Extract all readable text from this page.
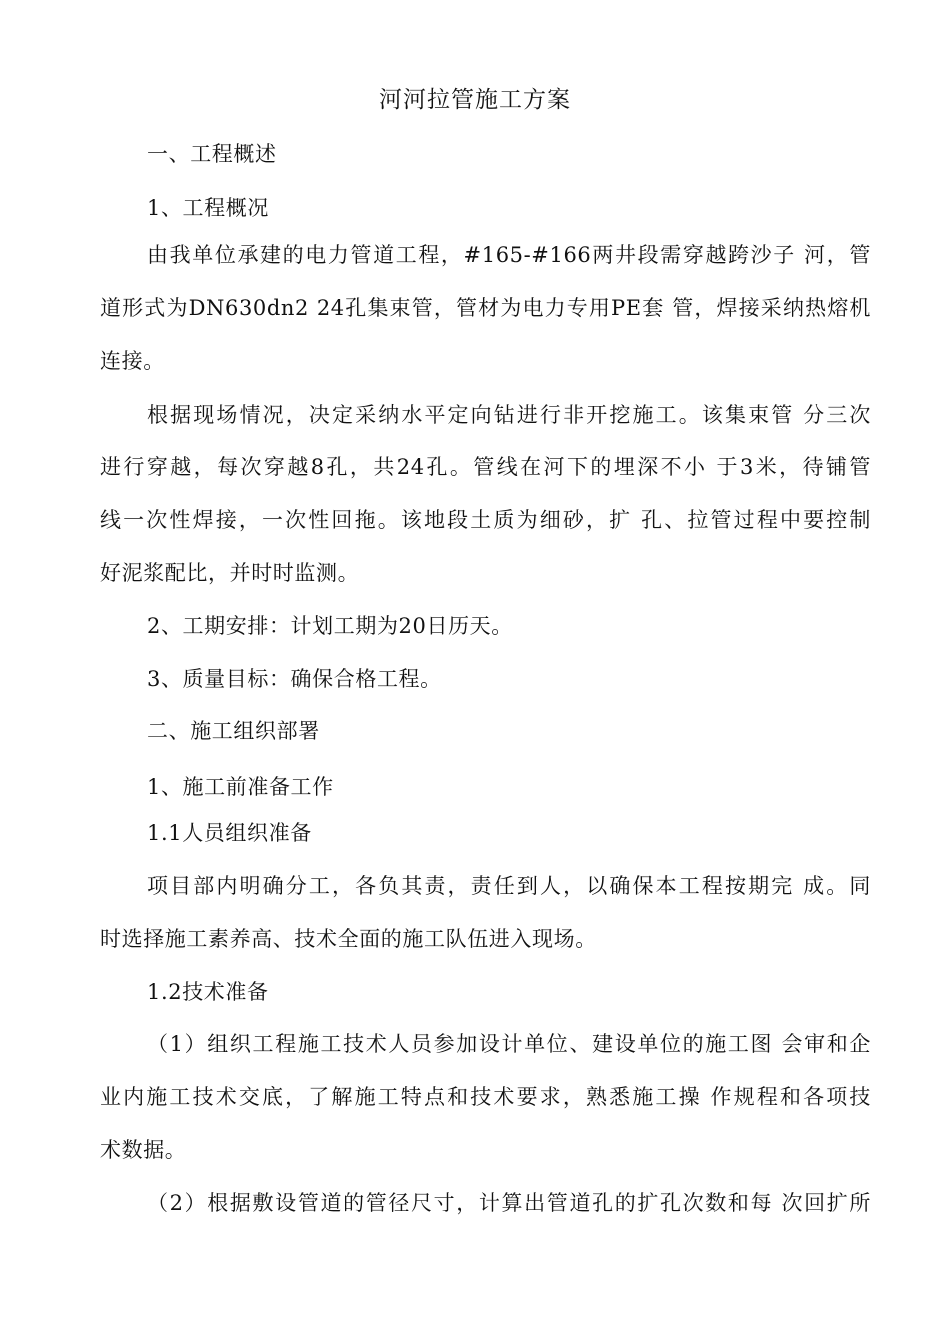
河河拉管施工方案
一、工程概述
1、工程概况
由我单位承建的电力管道工程，#165-#166两井段需穿越跨沙子 河，管
道形式为DN630dn2 24孔集束管，管材为电力专用PE套 管，焊接采纳热熔机
连接。
根据现场情况，决定采纳水平定向钻进行非开挖施工。该集束管 分三次
进行穿越，每次穿越8孔，共24孔。管线在河下的埋深不小 于3米，待铺管
线一次性焊接，一次性回拖。该地段土质为细砂，扩 孔、拉管过程中要控制
好泥浆配比，并时时监测。
2、工期安排：计划工期为20日历天。
3、质量目标：确保合格工程。
二、施工组织部署
1、施工前准备工作
1.1人员组织准备
项目部内明确分工，各负其责，责任到人，以确保本工程按期完 成。同
时选择施工素养高、技术全面的施工队伍进入现场。
1.2技术准备
（1）组织工程施工技术人员参加设计单位、建设单位的施工图 会审和企
业内施工技术交底，了解施工特点和技术要求，熟悉施工操 作规程和各项技
术数据。
（2）根据敷设管道的管径尺寸，计算出管道孔的扩孔次数和每 次回扩所
